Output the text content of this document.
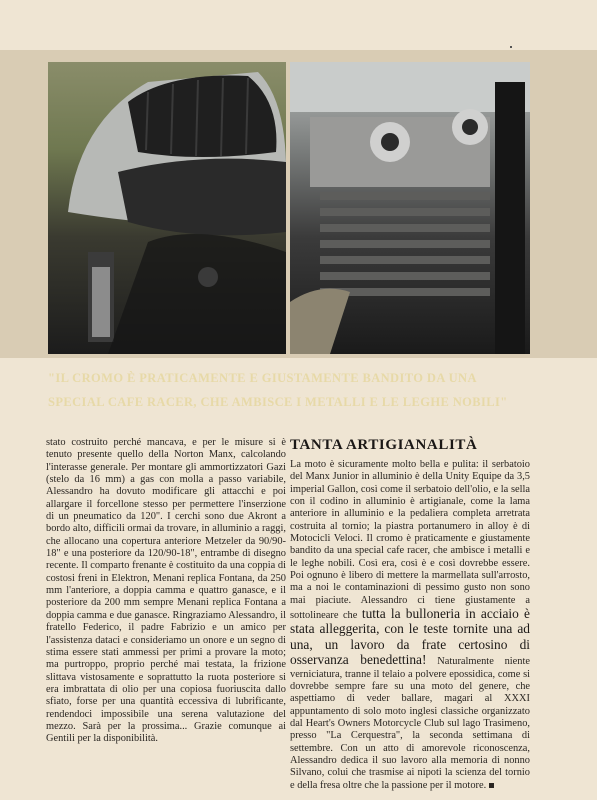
"IL CROMO È PRATICAMENTE E GIUSTAMENTE BANDITO DA UNA
SPECIAL CAFE RACER, CHE AMBISCE I METALLI E LE LEGHE NOBILI"

stato costruito perché mancava, e per le misure si è tenuto presente quello della Norton Manx, calcolando l'interasse generale. Per montare gli ammortizzatori Gazi (stelo da 16 mm) a gas con molla a passo variabile, Alessandro ha dovuto modificare gli attacchi e poi allargare il forcellone stesso per permettere l'inserzione di un pneumatico da 120". I cerchi sono due Akront a bordo alto, difficili ormai da trovare, in alluminio a raggi, che allocano una copertura anteriore Metzeler da 90/90-18" e una posteriore da 120/90-18", entrambe di disegno recente. Il comparto frenante è costituito da una coppia di costosi freni in Elektron, Menani replica Fontana, da 250 mm l'anteriore, a doppia camma e quattro ganasce, e il posteriore da 200 mm sempre Menani replica Fontana a doppia camma e due ganasce. Ringraziamo Alessandro, il fratello Federico, il padre Fabrizio e un amico per l'assistenza dataci e consideriamo un onore e un segno di stima essere stati ammessi per primi a provare la moto; ma purtroppo, proprio perché mai testata, la frizione slittava vistosamente e soprattutto la ruota posteriore si era imbrattata di olio per una copiosa fuoriuscita dallo sfiato, forse per una quantità eccessiva di lubrificante, rendendoci impossibile una serena valutazione del mezzo. Sarà per la prossima... Grazie comunque ai Gentili per la disponibilità.

TANTA ARTIGIANALITÀ

La moto è sicuramente molto bella e pulita: il serbatoio del Manx Junior in alluminio è della Unity Equipe da 3,5 imperial Gallon, così come il serbatoio dell'olio, e la sella con il codino in alluminio è artigianale, come la lama anteriore in alluminio e la pedaliera completa arretrata costruita al tornio; la piastra portanumero in alloy è di Motocicli Veloci. Il cromo è praticamente e giustamente bandito da una special cafe racer, che ambisce i metalli e le leghe nobili. Così era, così è e così dovrebbe essere. Poi ognuno è libero di mettere la marmellata sull'arrosto, ma a noi le contaminazioni di pessimo gusto non sono mai piaciute. Alessandro ci tiene giustamente a sottolineare che tutta la bulloneria in acciaio è stata alleggerita, con le teste tornite una ad una, un lavoro da frate certosino di osservanza benedettina! Naturalmente niente verniciatura, tranne il telaio a polvere epossidica, come si dovrebbe sempre fare su una moto del genere, che aspettiamo di veder ballare, magari al XXXI appuntamento di solo moto inglesi classiche organizzato dal Heart's Owners Motorcycle Club sul lago Trasimeno, presso "La Cerquestra", la seconda settimana di settembre. Con un atto di amorevole riconoscenza, Alessandro dedica il suo lavoro alla memoria di nonno Silvano, colui che trasmise ai nipoti la scienza del tornio e della fresa oltre che la passione per il motore.
